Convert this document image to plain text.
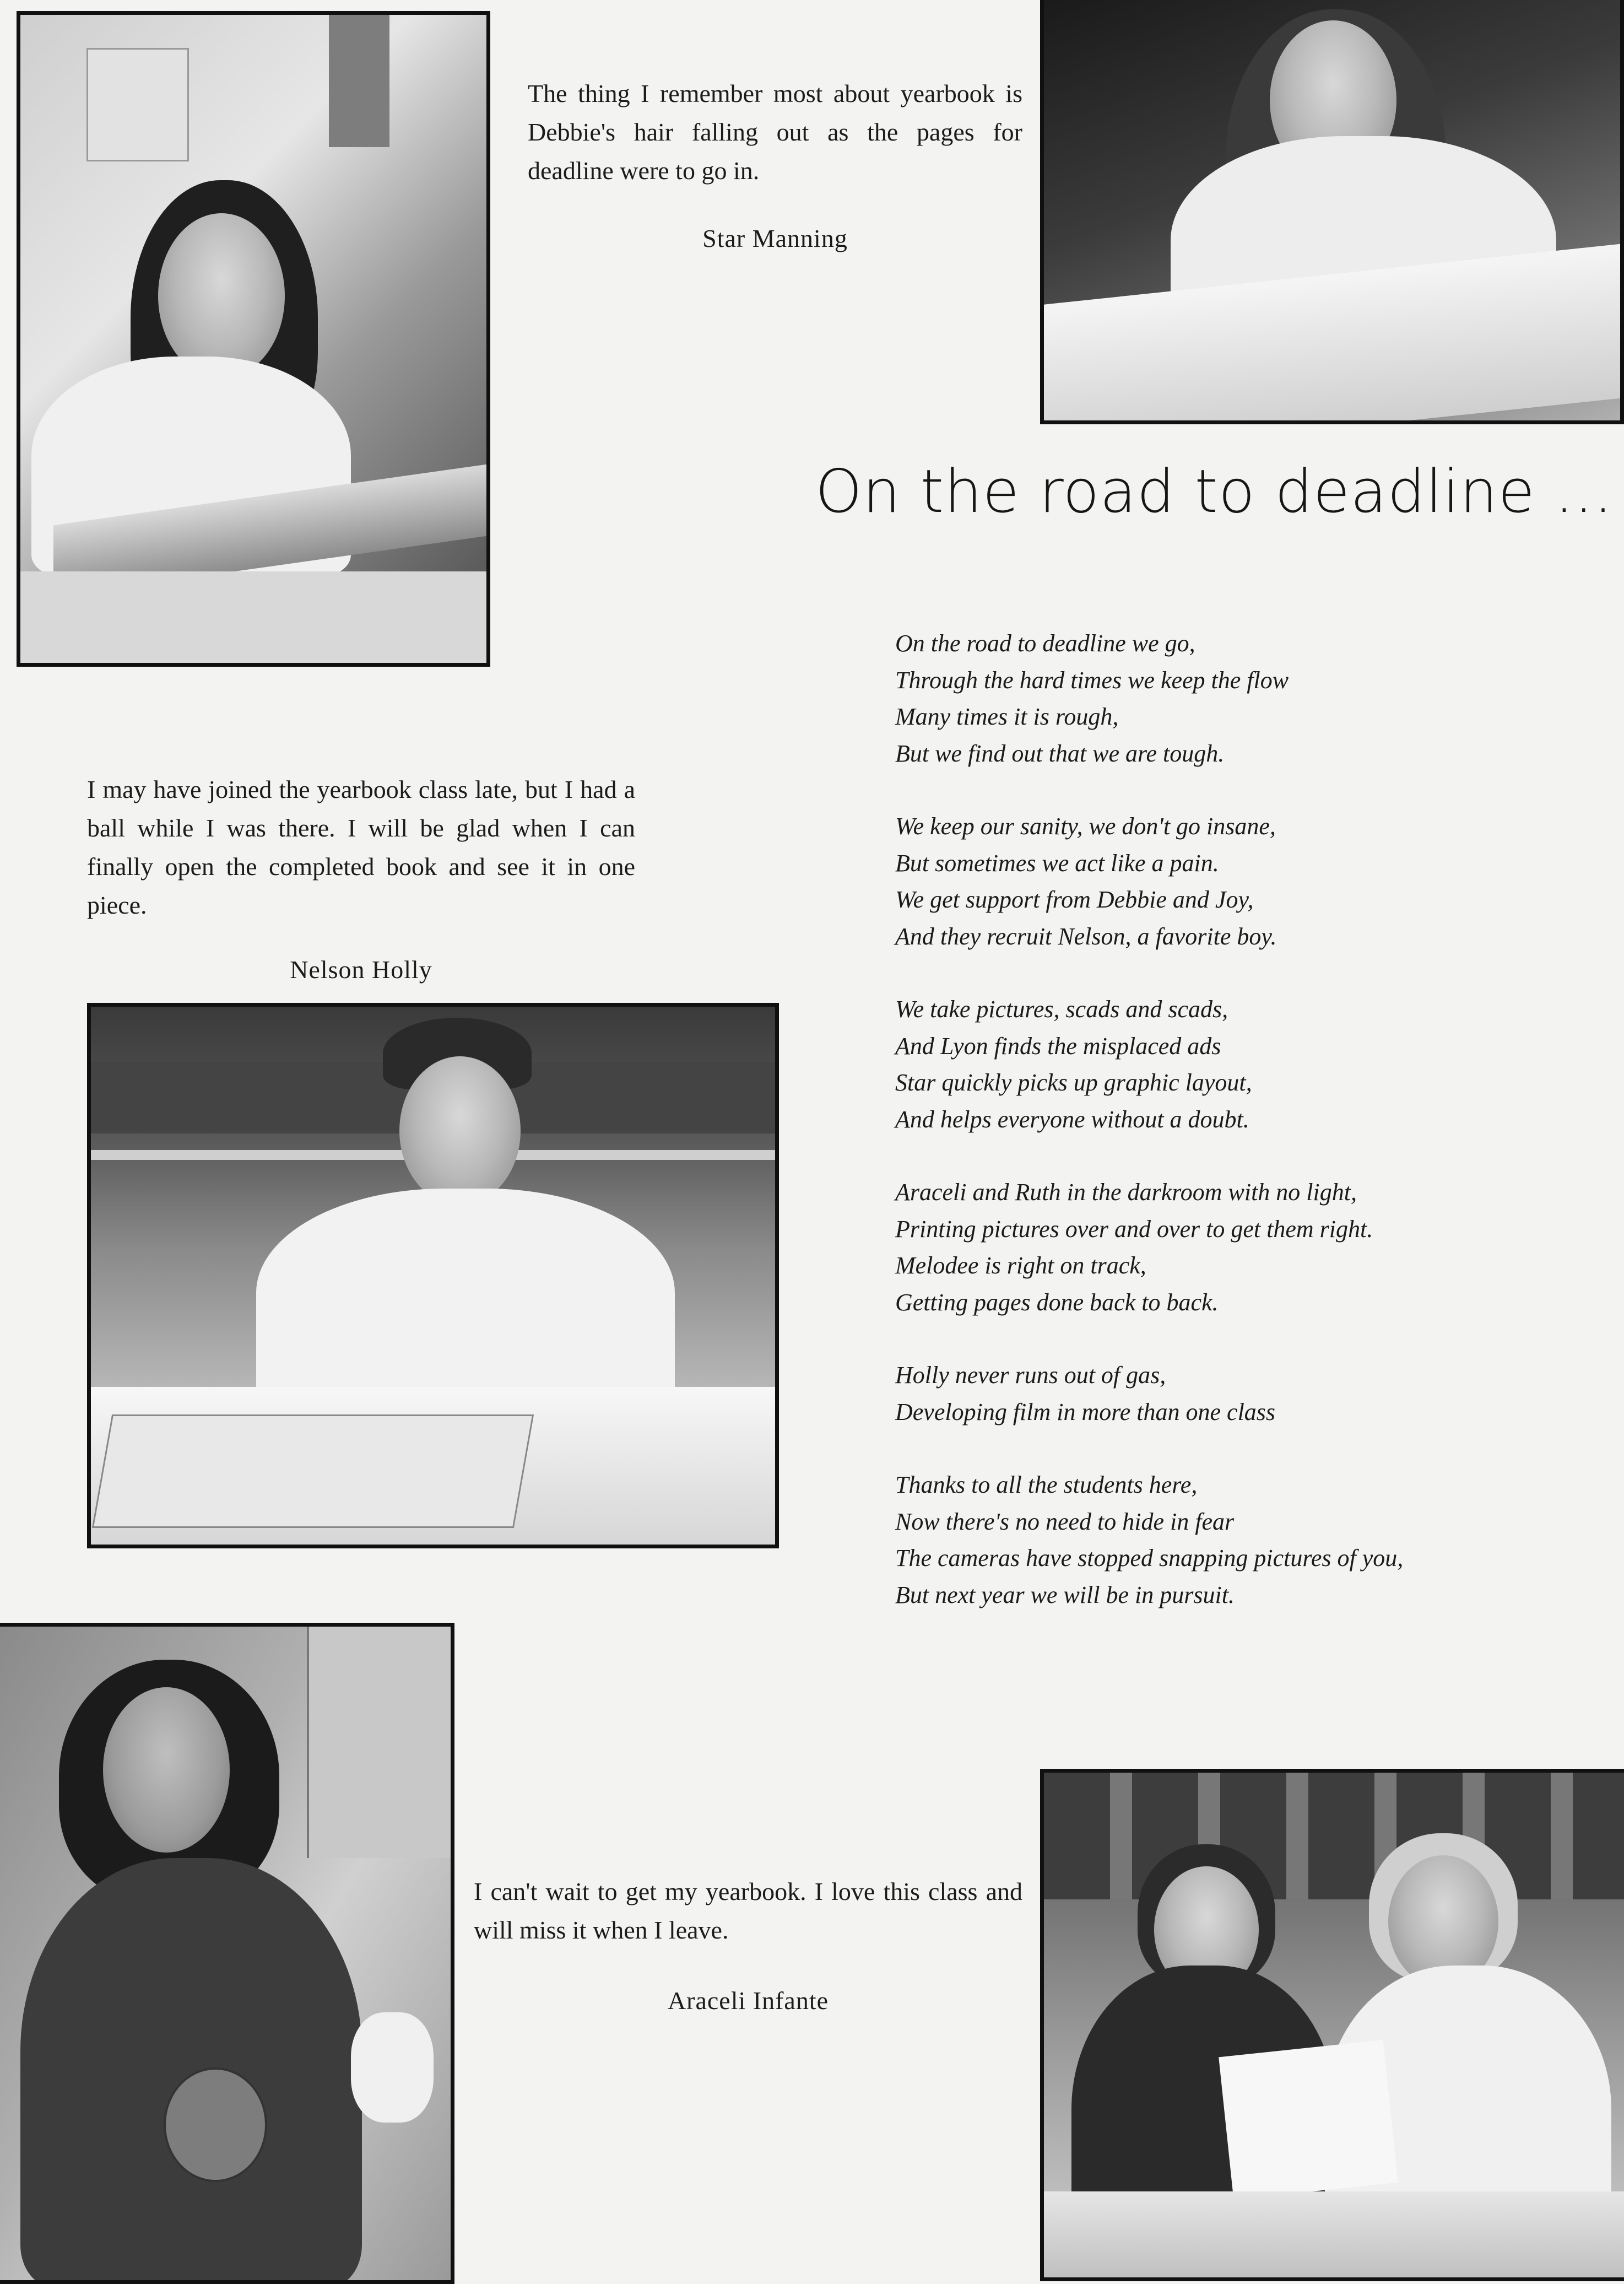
The thing I remember most about yearbook is Debbie's hair falling out as the pages for deadline were to go in.
Star Manning
On the road to deadline ...
On the road to deadline we go,
Through the hard times we keep the flow
Many times it is rough,
But we find out that we are tough.
We keep our sanity, we don't go insane,
But sometimes we act like a pain.
We get support from Debbie and Joy,
And they recruit Nelson, a favorite boy.
We take pictures, scads and scads,
And Lyon finds the misplaced ads
Star quickly picks up graphic layout,
And helps everyone without a doubt.
Araceli and Ruth in the darkroom with no light,
Printing pictures over and over to get them right.
Melodee is right on track,
Getting pages done back to back.
Holly never runs out of gas,
Developing film in more than one class
Thanks to all the students here,
Now there's no need to hide in fear
The cameras have stopped snapping pictures of you,
But next year we will be in pursuit.
I may have joined the yearbook class late, but I had a ball while I was there. I will be glad when I can finally open the completed book and see it in one piece.
Nelson Holly
I can't wait to get my yearbook. I love this class and will miss it when I leave.
Araceli Infante
